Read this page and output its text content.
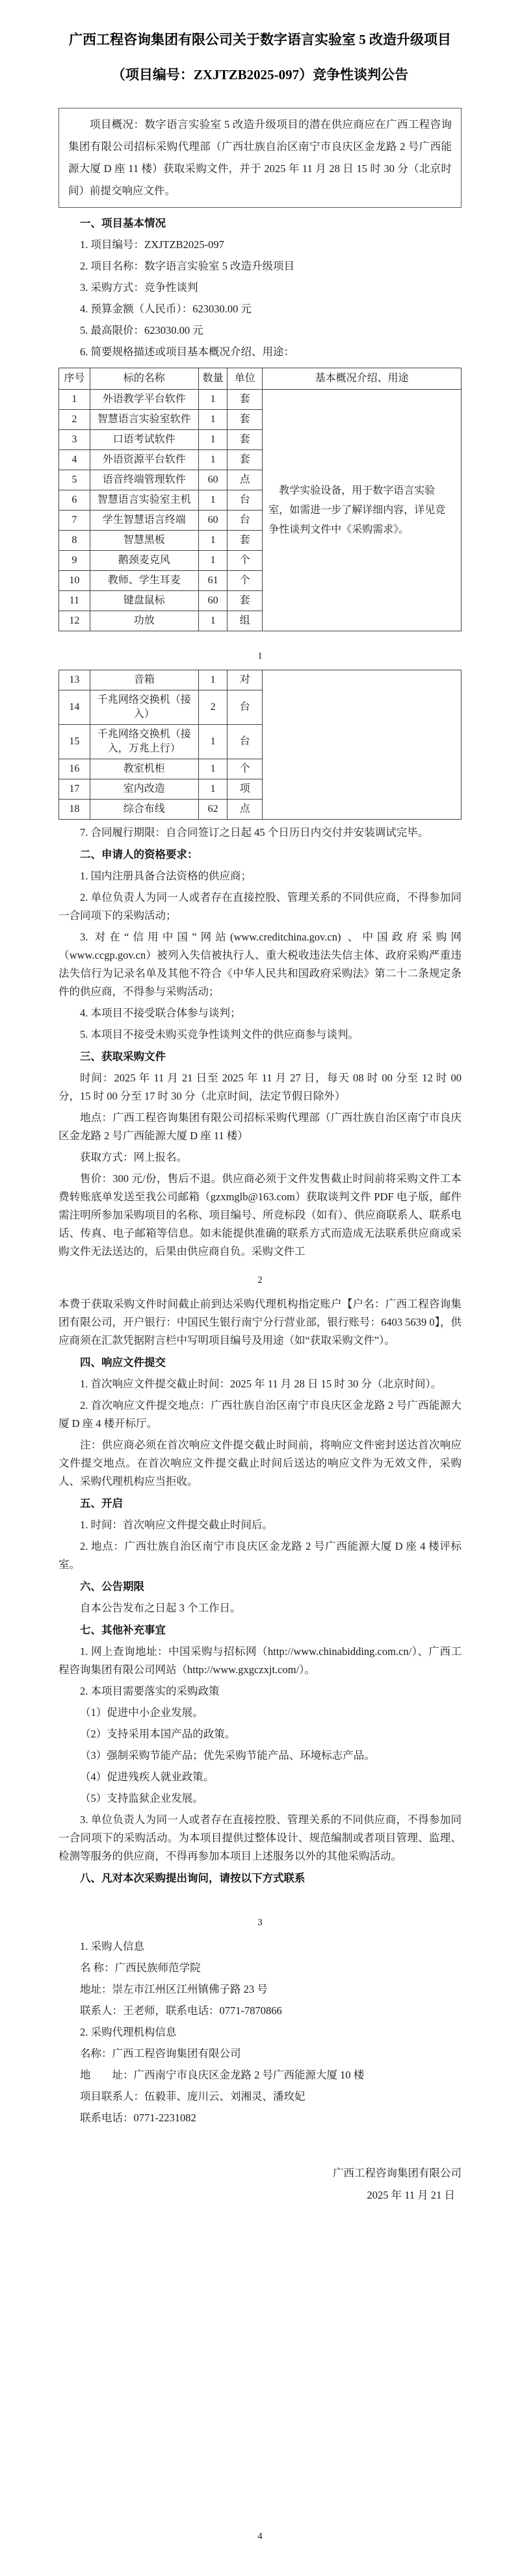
广西工程咨询集团有限公司关于数字语言实验室 5 改造升级项目
（项目编号：ZXJTZB2025-097）竞争性谈判公告

项目概况：数字语言实验室 5 改造升级项目的潜在供应商应在广西工程咨询集团有限公司招标采购代理部（广西壮族自治区南宁市良庆区金龙路 2 号广西能源大厦 D 座 11 楼）获取采购文件，并于 2025 年 11 月 28 日 15 时 30 分（北京时间）前提交响应文件。

一、项目基本情况

1. 项目编号：ZXJTZB2025-097

2. 项目名称：数字语言实验室 5 改造升级项目

3. 采购方式：竞争性谈判

4. 预算金额（人民币）：623030.00 元

5. 最高限价：623030.00 元

6. 简要规格描述或项目基本概况介绍、用途：

序号	标的名称	数量	单位	基本概况介绍、用途
1	外语教学平台软件	1	套	教学实验设备，用于数字语言实验室，如需进一步了解详细内容，详见竞争性谈判文件中《采购需求》。
2	智慧语言实验室软件	1	套	
3	口语考试软件	1	套	
4	外语资源平台软件	1	套	
5	语音终端管理软件	60	点	
6	智慧语言实验室主机	1	台	
7	学生智慧语言终端	60	台	
8	智慧黑板	1	套	
9	鹅颈麦克风	1	个	
10	教师、学生耳麦	61	个	
11	键盘鼠标	60	套	
12	功放	1	组	

1

13	音箱	1	对	
14	千兆网络交换机（接入）	2	台	
15	千兆网络交换机（接入，万兆上行）	1	台	
16	教室机柜	1	个	
17	室内改造	1	项	
18	综合布线	62	点	

7. 合同履行期限：自合同签订之日起 45 个日历日内交付并安装调试完毕。

二、申请人的资格要求：

1. 国内注册具备合法资格的供应商；

2. 单位负责人为同一人或者存在直接控股、管理关系的不同供应商，不得参加同一合同项下的采购活动；

3. 对在“信用中国”网站(www.creditchina.gov.cn) 、中国政府采购网（www.ccgp.gov.cn）被列入失信被执行人、重大税收违法失信主体、政府采购严重违法失信行为记录名单及其他不符合《中华人民共和国政府采购法》第二十二条规定条件的供应商，不得参与采购活动；

4. 本项目不接受联合体参与谈判；

5. 本项目不接受未购买竞争性谈判文件的供应商参与谈判。

三、获取采购文件

时间：2025 年 11 月 21 日至 2025 年 11 月 27 日，每天 08 时 00 分至 12 时 00 分，15 时 00 分至 17 时 30 分（北京时间，法定节假日除外）

地点：广西工程咨询集团有限公司招标采购代理部（广西壮族自治区南宁市良庆区金龙路 2 号广西能源大厦 D 座 11 楼）

获取方式：网上报名。

售价：300 元/份，售后不退。供应商必须于文件发售截止时间前将采购文件工本费转账底单发送至我公司邮箱（gzxmglb@163.com）获取谈判文件 PDF 电子版，邮件需注明所参加采购项目的名称、项目编号、所竞标段（如有）、供应商联系人、联系电话、传真、电子邮箱等信息。如未能提供准确的联系方式而造成无法联系供应商或采购文件无法送达的，后果由供应商自负。采购文件工

2

本费于获取采购文件时间截止前到达采购代理机构指定账户【户名：广西工程咨询集团有限公司，开户银行：中国民生银行南宁分行营业部，银行账号：6403 5639 0】，供应商须在汇款凭据附言栏中写明项目编号及用途（如“获取采购文件”）。

四、响应文件提交

1. 首次响应文件提交截止时间：2025 年 11 月 28 日 15 时 30 分（北京时间）。

2. 首次响应文件提交地点：广西壮族自治区南宁市良庆区金龙路 2 号广西能源大厦 D 座 4 楼开标厅。

注：供应商必须在首次响应文件提交截止时间前，将响应文件密封送达首次响应文件提交地点。在首次响应文件提交截止时间后送达的响应文件为无效文件，采购人、采购代理机构应当拒收。

五、开启

1. 时间：首次响应文件提交截止时间后。

2. 地点：广西壮族自治区南宁市良庆区金龙路 2 号广西能源大厦 D 座 4 楼评标室。

六、公告期限

自本公告发布之日起 3 个工作日。

七、其他补充事宜

1. 网上查询地址：中国采购与招标网（http://www.chinabidding.com.cn/）、广西工程咨询集团有限公司网站（http://www.gxgczxjt.com/）。

2. 本项目需要落实的采购政策

（1）促进中小企业发展。

（2）支持采用本国产品的政策。

（3）强制采购节能产品；优先采购节能产品、环境标志产品。

（4）促进残疾人就业政策。

（5）支持监狱企业发展。

3. 单位负责人为同一人或者存在直接控股、管理关系的不同供应商，不得参加同一合同项下的采购活动。为本项目提供过整体设计、规范编制或者项目管理、监理、检测等服务的供应商，不得再参加本项目上述服务以外的其他采购活动。

八、凡对本次采购提出询问，请按以下方式联系

3

1. 采购人信息

名 称：广西民族师范学院

地址：崇左市江州区江州镇佛子路 23 号

联系人：王老师，联系电话：0771-7870866

2. 采购代理机构信息

名称：广西工程咨询集团有限公司

地　　址：广西南宁市良庆区金龙路 2 号广西能源大厦 10 楼

项目联系人：伍毅菲、庞川云、刘湘灵、潘玫妃

联系电话：0771-2231082

广西工程咨询集团有限公司

2025 年 11 月 21 日

4
